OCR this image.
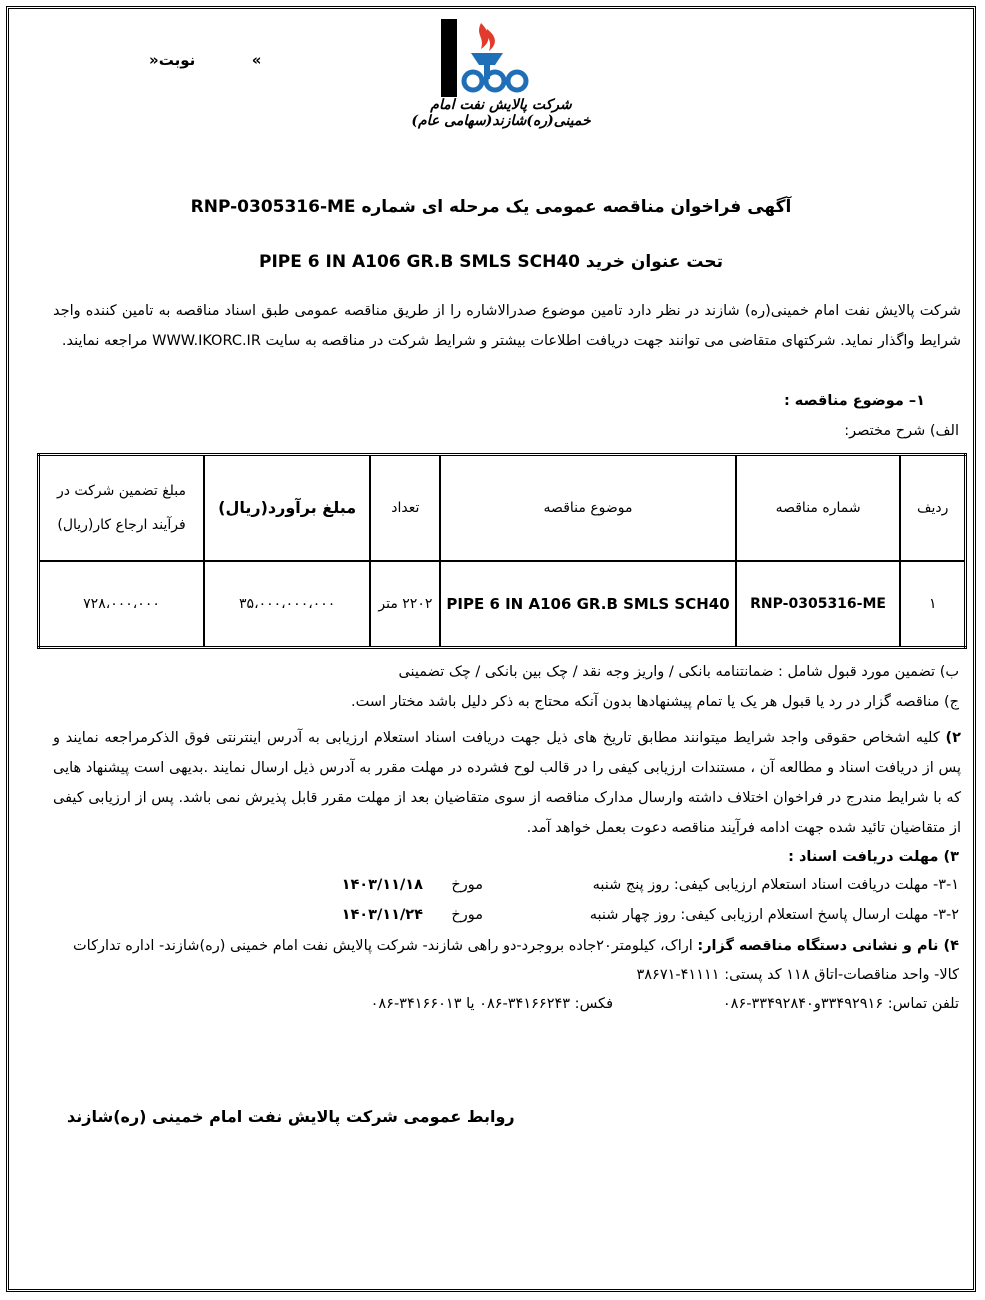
شرکت پالایش نفت امام خمینی(ره)شازند(سهامی عام)
»  نوبت«
آگهی فراخوان مناقصه عمومی یک مرحله ای شماره RNP-0305316-ME
تحت عنوان خرید PIPE 6 IN A106 GR.B SMLS SCH40
شرکت پالایش نفت امام خمینی(ره) شازند در نظر دارد تامین موضوع صدرالاشاره را از طریق مناقصه عمومی طبق اسناد مناقصه به تامین کننده واجد شرایط واگذار نماید. شرکتهای متقاضی می توانند جهت دریافت اطلاعات بیشتر و شرایط شرکت در مناقصه به سایت WWW.IKORC.IR مراجعه نمایند.
۱– موضوع مناقصه :
الف) شرح مختصر:
ردیف	شماره مناقصه	موضوع مناقصه	تعداد	مبلغ برآورد(ریال)	مبلغ تضمین شرکت در فرآیند ارجاع کار(ریال)
۱	RNP-0305316-ME	PIPE 6 IN A106 GR.B SMLS SCH40	۲۲۰۲ متر	۳۵،۰۰۰،۰۰۰،۰۰۰	۷۲۸،۰۰۰،۰۰۰
ب) تضمین مورد قبول شامل : ضمانتنامه بانکی / واریز وجه نقد / چک بین بانکی / چک تضمینی
ج) مناقصه گزار در رد یا قبول هر یک یا تمام پیشنهادها بدون آنکه محتاج به ذکر دلیل باشد مختار است.
۲) کلیه اشخاص حقوقی واجد شرایط میتوانند مطابق تاریخ های ذیل جهت دریافت اسناد استعلام ارزیابی به آدرس اینترنتی فوق الذکرمراجعه نمایند و پس از دریافت اسناد و مطالعه آن ، مستندات ارزیابی کیفی را در قالب لوح فشرده در مهلت مقرر به آدرس ذیل ارسال نمایند .بدیهی است پیشنهاد هایی که با شرایط مندرج در فراخوان اختلاف داشته وارسال مدارک مناقصه از سوی متقاضیان بعد از مهلت مقرر قابل پذیرش نمی باشد. پس از ارزیابی کیفی از متقاضیان تائید شده جهت ادامه فرآیند مناقصه دعوت بعمل خواهد آمد.
۳) مهلت دریافت اسناد :
۳-۱- مهلت دریافت اسناد استعلام ارزیابی کیفی: روز پنج شنبه
مورخ
۱۴۰۳/۱۱/۱۸
۳-۲- مهلت ارسال پاسخ استعلام ارزیابی کیفی: روز چهار شنبه
مورخ
۱۴۰۳/۱۱/۲۴
۴) نام و نشانی دستگاه مناقصه گزار: اراک، کیلومتر۲۰جاده بروجرد-دو راهی شازند- شرکت پالایش نفت امام خمینی (ره)شازند- اداره تدارکات
کالا- واحد مناقصات-اتاق ۱۱۸ کد پستی: ۴۱۱۱۱-۳۸۶۷۱
تلفن تماس: ۳۳۴۹۲۹۱۶و۳۳۴۹۲۸۴۰-۰۸۶
فکس: ۳۴۱۶۶۲۴۳-۰۸۶ یا ۳۴۱۶۶۰۱۳-۰۸۶
روابط عمومی شرکت پالایش نفت امام خمینی (ره)شازند
